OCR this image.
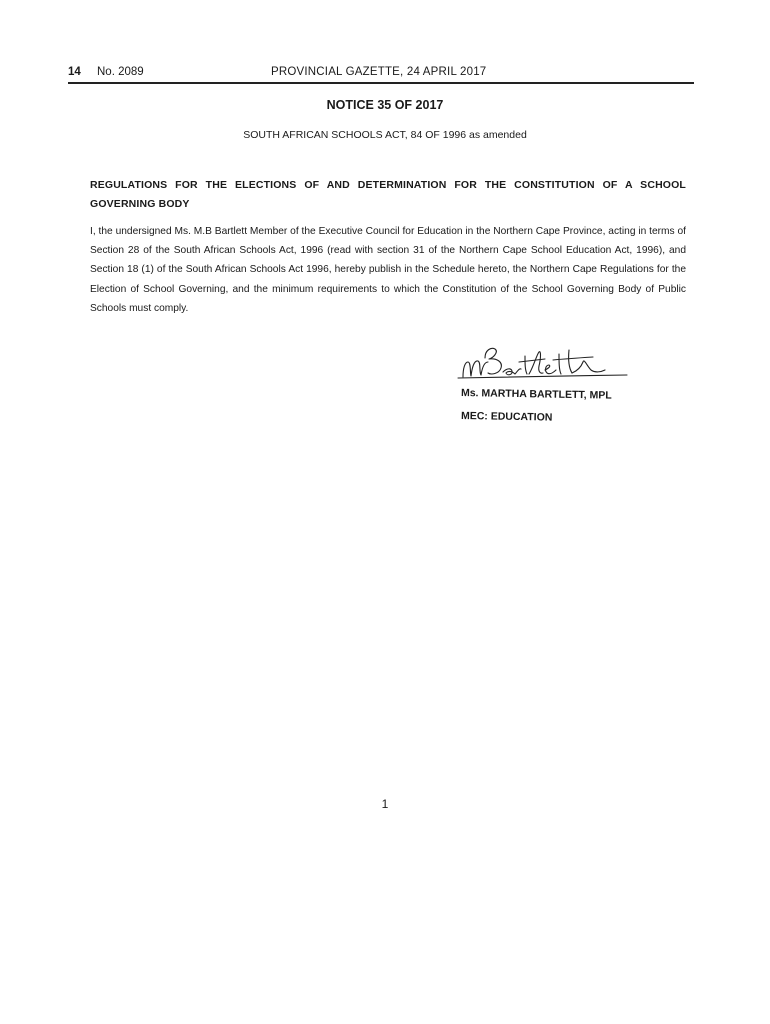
14 No. 2089	PROVINCIAL GAZETTE, 24 APRIL 2017
NOTICE 35 OF 2017
SOUTH AFRICAN SCHOOLS ACT, 84 OF 1996 as amended
REGULATIONS FOR THE ELECTIONS OF AND DETERMINATION FOR THE CONSTITUTION OF A SCHOOL GOVERNING BODY
I, the undersigned Ms. M.B Bartlett Member of the Executive Council for Education in the Northern Cape Province, acting in terms of Section 28 of the South African Schools Act, 1996 (read with section 31 of the Northern Cape School Education Act, 1996), and Section 18 (1) of the South African Schools Act 1996, hereby publish in the Schedule hereto, the Northern Cape Regulations for the Election of School Governing, and the minimum requirements to which the Constitution of the School Governing Body of Public Schools must comply.
Ms. MARTHA BARTLETT, MPL
MEC: EDUCATION
1
